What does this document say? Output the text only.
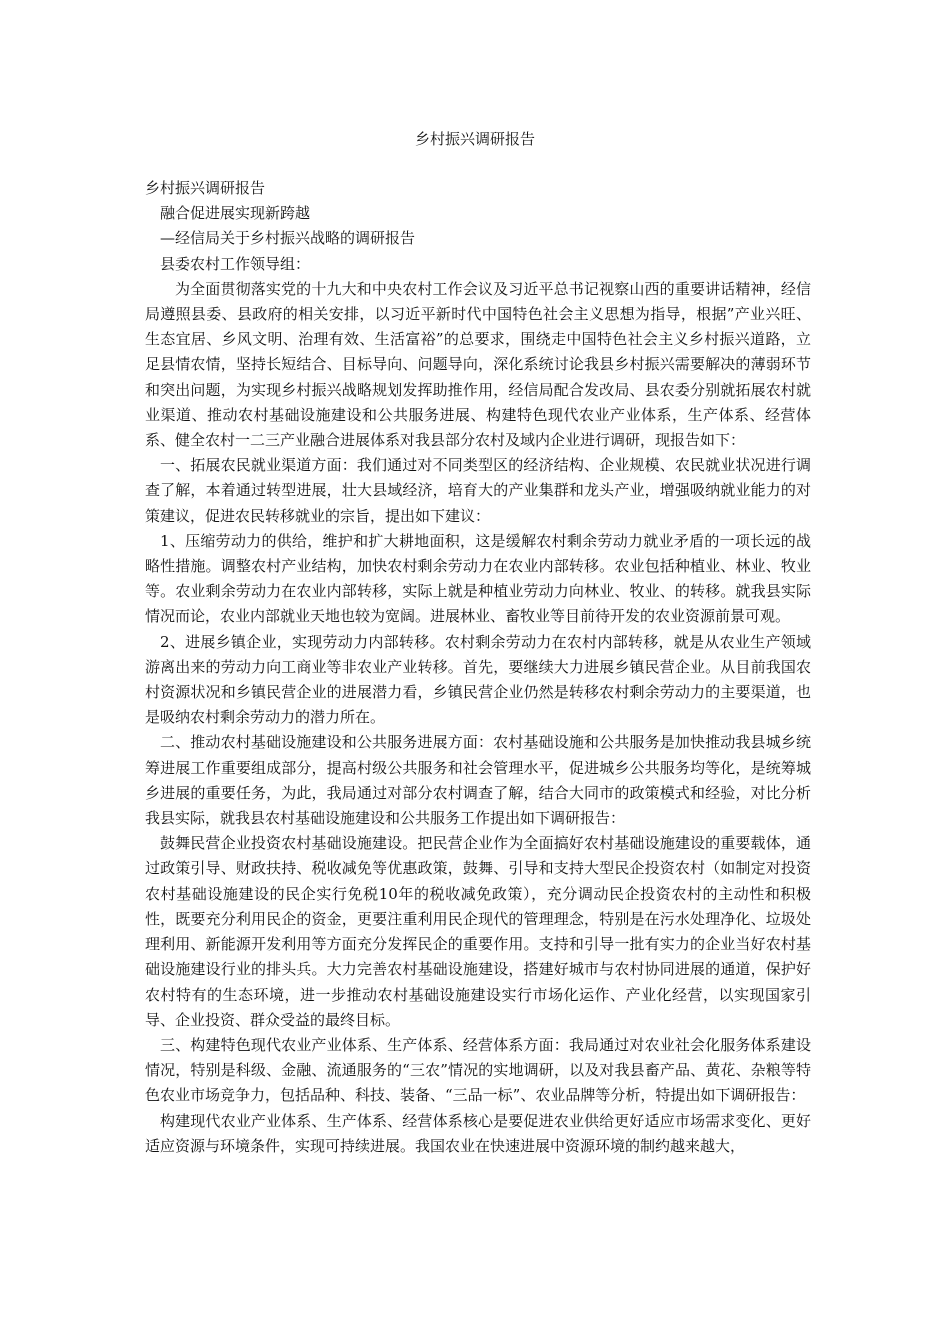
乡村振兴调研报告

乡村振兴调研报告

融合促进展实现新跨越

—经信局关于乡村振兴战略的调研报告

县委农村工作领导组：

为全面贯彻落实党的十九大和中央农村工作会议及习近平总书记视察山西的重要讲话精神，经信局遵照县委、县政府的相关安排，以习近平新时代中国特色社会主义思想为指导，根据”产业兴旺、生态宜居、乡风文明、治理有效、生活富裕”的总要求，围绕走中国特色社会主义乡村振兴道路，立足县情农情，坚持长短结合、目标导向、问题导向，深化系统讨论我县乡村振兴需要解决的薄弱环节和突出问题，为实现乡村振兴战略规划发挥助推作用，经信局配合发改局、县农委分别就拓展农村就业渠道、推动农村基础设施建设和公共服务进展、构建特色现代农业产业体系，生产体系、经营体系、健全农村一二三产业融合进展体系对我县部分农村及域内企业进行调研，现报告如下：

一、拓展农民就业渠道方面：我们通过对不同类型区的经济结构、企业规模、农民就业状况进行调查了解，本着通过转型进展，壮大县域经济，培育大的产业集群和龙头产业，增强吸纳就业能力的对策建议，促进农民转移就业的宗旨，提出如下建议：

1、压缩劳动力的供给，维护和扩大耕地面积，这是缓解农村剩余劳动力就业矛盾的一项长远的战略性措施。调整农村产业结构，加快农村剩余劳动力在农业内部转移。农业包括种植业、林业、牧业等。农业剩余劳动力在农业内部转移，实际上就是种植业劳动力向林业、牧业、的转移。就我县实际情况而论，农业内部就业天地也较为宽阔。进展林业、畜牧业等目前待开发的农业资源前景可观。

2、进展乡镇企业，实现劳动力内部转移。农村剩余劳动力在农村内部转移，就是从农业生产领域游离出来的劳动力向工商业等非农业产业转移。首先，要继续大力进展乡镇民营企业。从目前我国农村资源状况和乡镇民营企业的进展潜力看，乡镇民营企业仍然是转移农村剩余劳动力的主要渠道，也是吸纳农村剩余劳动力的潜力所在。

二、推动农村基础设施建设和公共服务进展方面：农村基础设施和公共服务是加快推动我县城乡统筹进展工作重要组成部分，提高村级公共服务和社会管理水平，促进城乡公共服务均等化，是统筹城乡进展的重要任务，为此，我局通过对部分农村调查了解，结合大同市的政策模式和经验，对比分析我县实际，就我县农村基础设施建设和公共服务工作提出如下调研报告：

鼓舞民营企业投资农村基础设施建设。把民营企业作为全面搞好农村基础设施建设的重要载体，通过政策引导、财政扶持、税收减免等优惠政策，鼓舞、引导和支持大型民企投资农村（如制定对投资农村基础设施建设的民企实行免税10年的税收减免政策），充分调动民企投资农村的主动性和积极性，既要充分利用民企的资金，更要注重利用民企现代的管理理念，特别是在污水处理净化、垃圾处理利用、新能源开发利用等方面充分发挥民企的重要作用。支持和引导一批有实力的企业当好农村基础设施建设行业的排头兵。大力完善农村基础设施建设，搭建好城市与农村协同进展的通道，保护好农村特有的生态环境，进一步推动农村基础设施建设实行市场化运作、产业化经营，以实现国家引导、企业投资、群众受益的最终目标。

三、构建特色现代农业产业体系、生产体系、经营体系方面：我局通过对农业社会化服务体系建设情况，特别是科级、金融、流通服务的“三农”情况的实地调研，以及对我县畜产品、黄花、杂粮等特色农业市场竞争力，包括品种、科技、装备、“三品一标”、农业品牌等分析，特提出如下调研报告：

构建现代农业产业体系、生产体系、经营体系核心是要促进农业供给更好适应市场需求变化、更好适应资源与环境条件，实现可持续进展。我国农业在快速进展中资源环境的制约越来越大，
